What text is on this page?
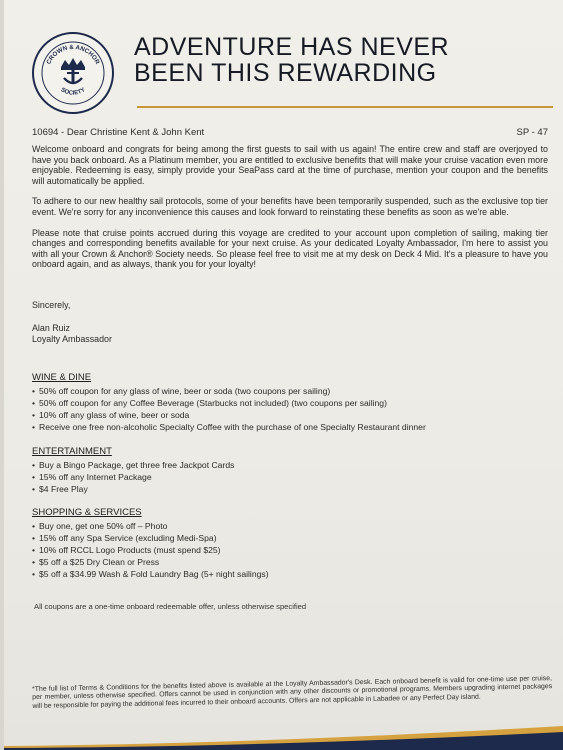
CROWN & ANCHOR
SOCIETY
ADVENTURE HAS NEVER
BEEN THIS REWARDING
10694 - Dear Christine Kent & John Kent	SP - 47

Welcome onboard and congrats for being among the first guests to sail with us again! The entire crew and staff are overjoyed to have you back onboard. As a Platinum member, you are entitled to exclusive benefits that will make your cruise vacation even more enjoyable. Redeeming is easy, simply provide your SeaPass card at the time of purchase, mention your coupon and the benefits will automatically be applied.

To adhere to our new healthy sail protocols, some of your benefits have been temporarily suspended, such as the exclusive top tier event. We're sorry for any inconvenience this causes and look forward to reinstating these benefits as soon as we're able.

Please note that cruise points accrued during this voyage are credited to your account upon completion of sailing, making tier changes and corresponding benefits available for your next cruise. As your dedicated Loyalty Ambassador, I'm here to assist you with all your Crown & Anchor® Society needs. So please feel free to visit me at my desk on Deck 4 Mid. It's a pleasure to have you onboard again, and as always, thank you for your loyalty!

Sincerely,
Alan Ruiz
Loyalty Ambassador
WINE & DINE
• 50% off coupon for any glass of wine, beer or soda (two coupons per sailing)
• 50% off coupon for any Coffee Beverage (Starbucks not included) (two coupons per sailing)
• 10% off any glass of wine, beer or soda
• Receive one free non-alcoholic Specialty Coffee with the purchase of one Specialty Restaurant dinner
ENTERTAINMENT
• Buy a Bingo Package, get three free Jackpot Cards
• 15% off any Internet Package
• $4 Free Play
SHOPPING & SERVICES
• Buy one, get one 50% off – Photo
• 15% off any Spa Service (excluding Medi-Spa)
• 10% off RCCL Logo Products (must spend $25)
• $5 off a $25 Dry Clean or Press
• $5 off a $34.99 Wash & Fold Laundry Bag (5+ night sailings)
All coupons are a one-time onboard redeemable offer, unless otherwise specified
*The full list of Terms & Conditions for the benefits listed above is available at the Loyalty Ambassador's Desk. Each onboard benefit is valid for one-time use per cruise, per member, unless otherwise specified. Offers cannot be used in conjunction with any other discounts or promotional programs. Members upgrading internet packages will be responsible for paying the additional fees incurred to their onboard accounts. Offers are not applicable in Labadee or any Perfect Day island.
